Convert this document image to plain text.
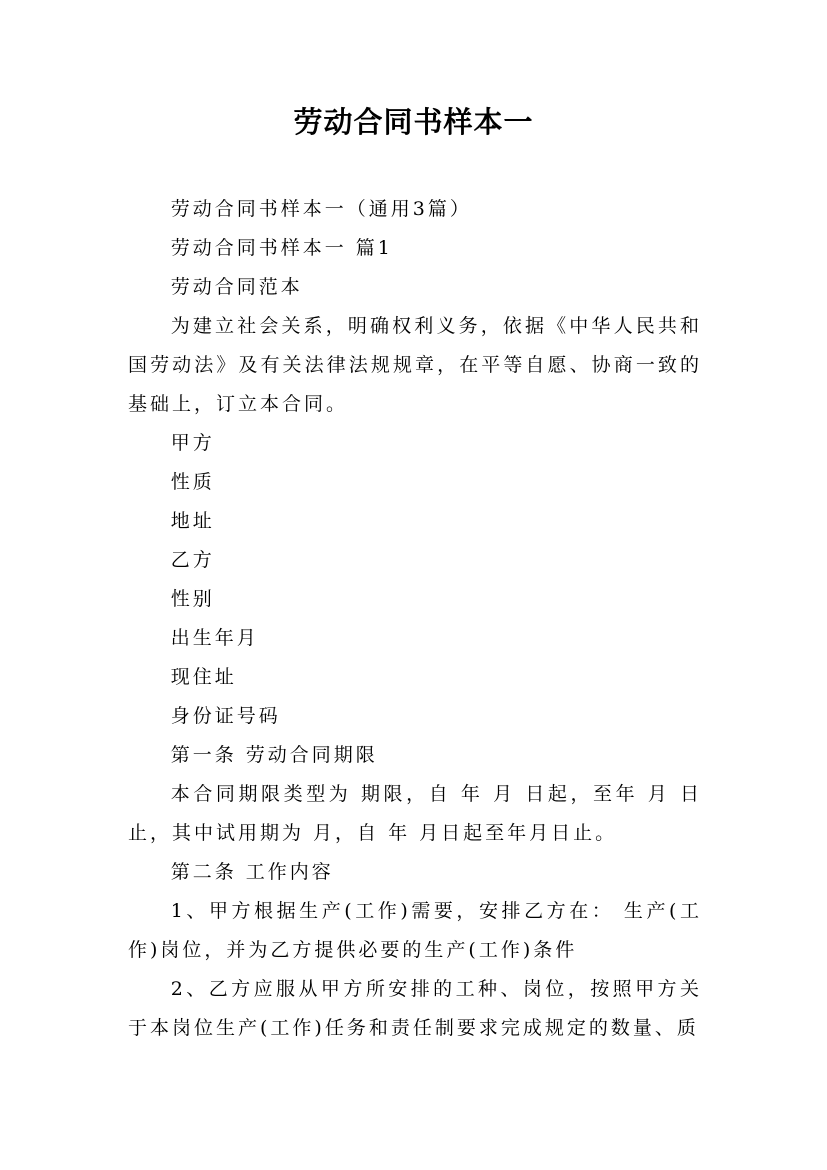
劳动合同书样本一

劳动合同书样本一（通用3篇）

劳动合同书样本一 篇1

劳动合同范本

为建立社会关系，明确权利义务，依据《中华人民共和国劳动法》及有关法律法规规章，在平等自愿、协商一致的基础上，订立本合同。

甲方

性质

地址

乙方

性别

出生年月

现住址

身份证号码

第一条 劳动合同期限

本合同期限类型为 期限，自 年 月 日起，至年 月 日止，其中试用期为 月，自 年 月日起至年月日止。

第二条 工作内容

1、甲方根据生产(工作)需要，安排乙方在： 生产(工作)岗位，并为乙方提供必要的生产(工作)条件

2、乙方应服从甲方所安排的工种、岗位，按照甲方关于本岗位生产(工作)任务和责任制要求完成规定的数量、质
